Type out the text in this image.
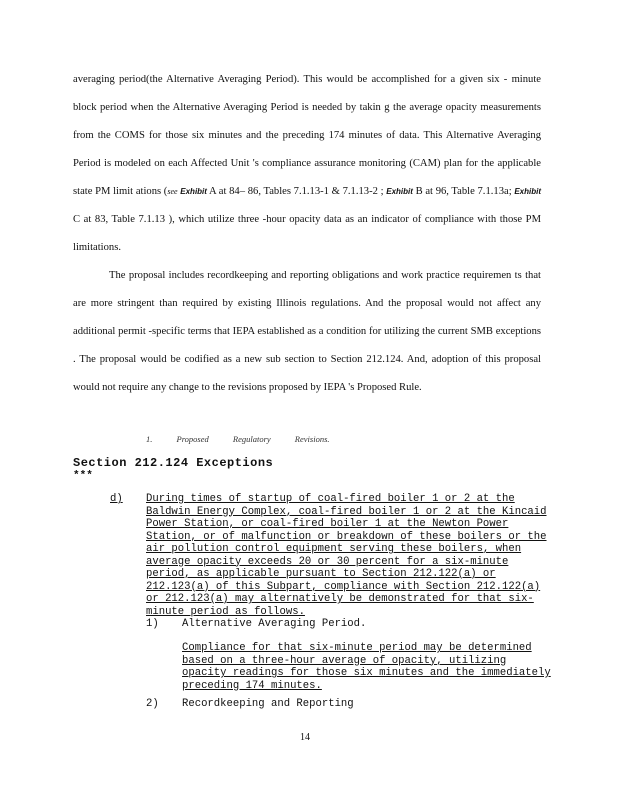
averaging period(the Alternative Averaging Period). This would be accomplished for a given six - minute block period when the Alternative Averaging Period is needed by takin g the average opacity measurements from the COMS for those six minutes and the preceding 174 minutes of data. This Alternative Averaging Period is modeled on each Affected Unit 's compliance assurance monitoring (CAM) plan for the applicable state PM limit ations (see Exhibit A at 84– 86, Tables 7.1.13-1 & 7.1.13-2 ; Exhibit B at 96, Table 7.1.13a; Exhibit C at 83, Table 7.1.13 ), which utilize three -hour opacity data as an indicator of compliance with those PM limitations.

The proposal includes recordkeeping and reporting obligations and work practice requiremen ts that are more stringent than required by existing Illinois regulations. And the proposal would not affect any additional permit -specific terms that IEPA established as a condition for utilizing the current SMB exceptions . The proposal would be codified as a new sub section to Section 212.124. And, adoption of this proposal would not require any change to the revisions proposed by IEPA 's Proposed Rule.

1.	Proposed	Regulatory	Revisions.
Section 212.124 Exceptions
***
d) During times of startup of coal-fired boiler 1 or 2 at the Baldwin Energy Complex, coal-fired boiler 1 or 2 at the Kincaid Power Station, or coal-fired boiler 1 at the Newton Power Station, or of malfunction or breakdown of these boilers or the air pollution control equipment serving these boilers, when average opacity exceeds 20 or 30 percent for a six-minute period, as applicable pursuant to Section 212.122(a) or 212.123(a) of this Subpart, compliance with Section 212.122(a) or 212.123(a) may alternatively be demonstrated for that six-minute period as follows.

1) Alternative Averaging Period.

Compliance for that six-minute period may be determined based on a three-hour average of opacity, utilizing opacity readings for those six minutes and the immediately preceding 174 minutes.

2) Recordkeeping and Reporting
14
